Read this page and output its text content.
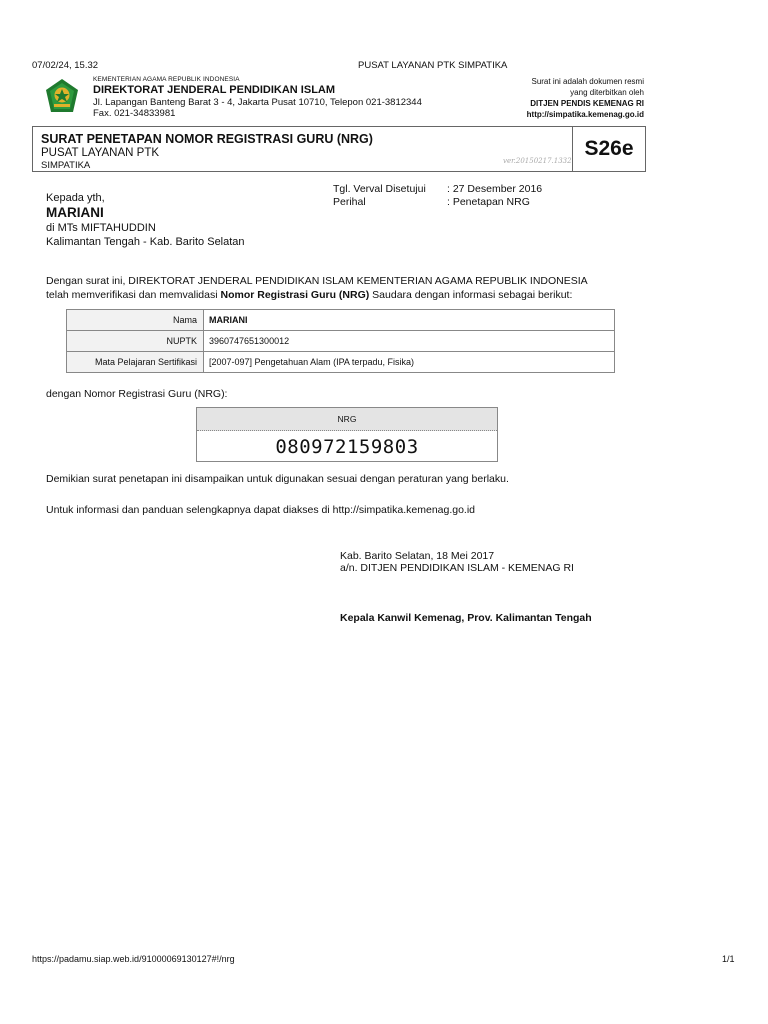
07/02/24, 15.32	PUSAT LAYANAN PTK SIMPATIKA
KEMENTERIAN AGAMA REPUBLIK INDONESIA
DIREKTORAT JENDERAL PENDIDIKAN ISLAM
Jl. Lapangan Banteng Barat 3 - 4, Jakarta Pusat 10710, Telepon 021-3812344
Fax. 021-34833981
Surat ini adalah dokumen resmi
yang diterbitkan oleh
DITJEN PENDIS KEMENAG RI
http://simpatika.kemenag.go.id
SURAT PENETAPAN NOMOR REGISTRASI GURU (NRG)
PUSAT LAYANAN PTK
SIMPATIKA	ver.20150217.1332
S26e
Kepada yth,
MARIANI
di MTs MIFTAHUDDIN
Kalimantan Tengah - Kab. Barito Selatan
Tgl. Verval Disetujui	: 27 Desember 2016
Perihal	: Penetapan NRG
Dengan surat ini, DIREKTORAT JENDERAL PENDIDIKAN ISLAM KEMENTERIAN AGAMA REPUBLIK INDONESIA
telah memverifikasi dan memvalidasi Nomor Registrasi Guru (NRG) Saudara dengan informasi sebagai berikut:
Nama	MARIANI
NUPTK	3960747651300012
Mata Pelajaran Sertifikasi	[2007-097] Pengetahuan Alam (IPA terpadu, Fisika)
dengan Nomor Registrasi Guru (NRG):
NRG
080972159803
Demikian surat penetapan ini disampaikan untuk digunakan sesuai dengan peraturan yang berlaku.
Untuk informasi dan panduan selengkapnya dapat diakses di http://simpatika.kemenag.go.id
Kab. Barito Selatan, 18 Mei 2017
a/n. DITJEN PENDIDIKAN ISLAM - KEMENAG RI
Kepala Kanwil Kemenag, Prov. Kalimantan Tengah
https://padamu.siap.web.id/91000069130127#!/nrg	1/1
